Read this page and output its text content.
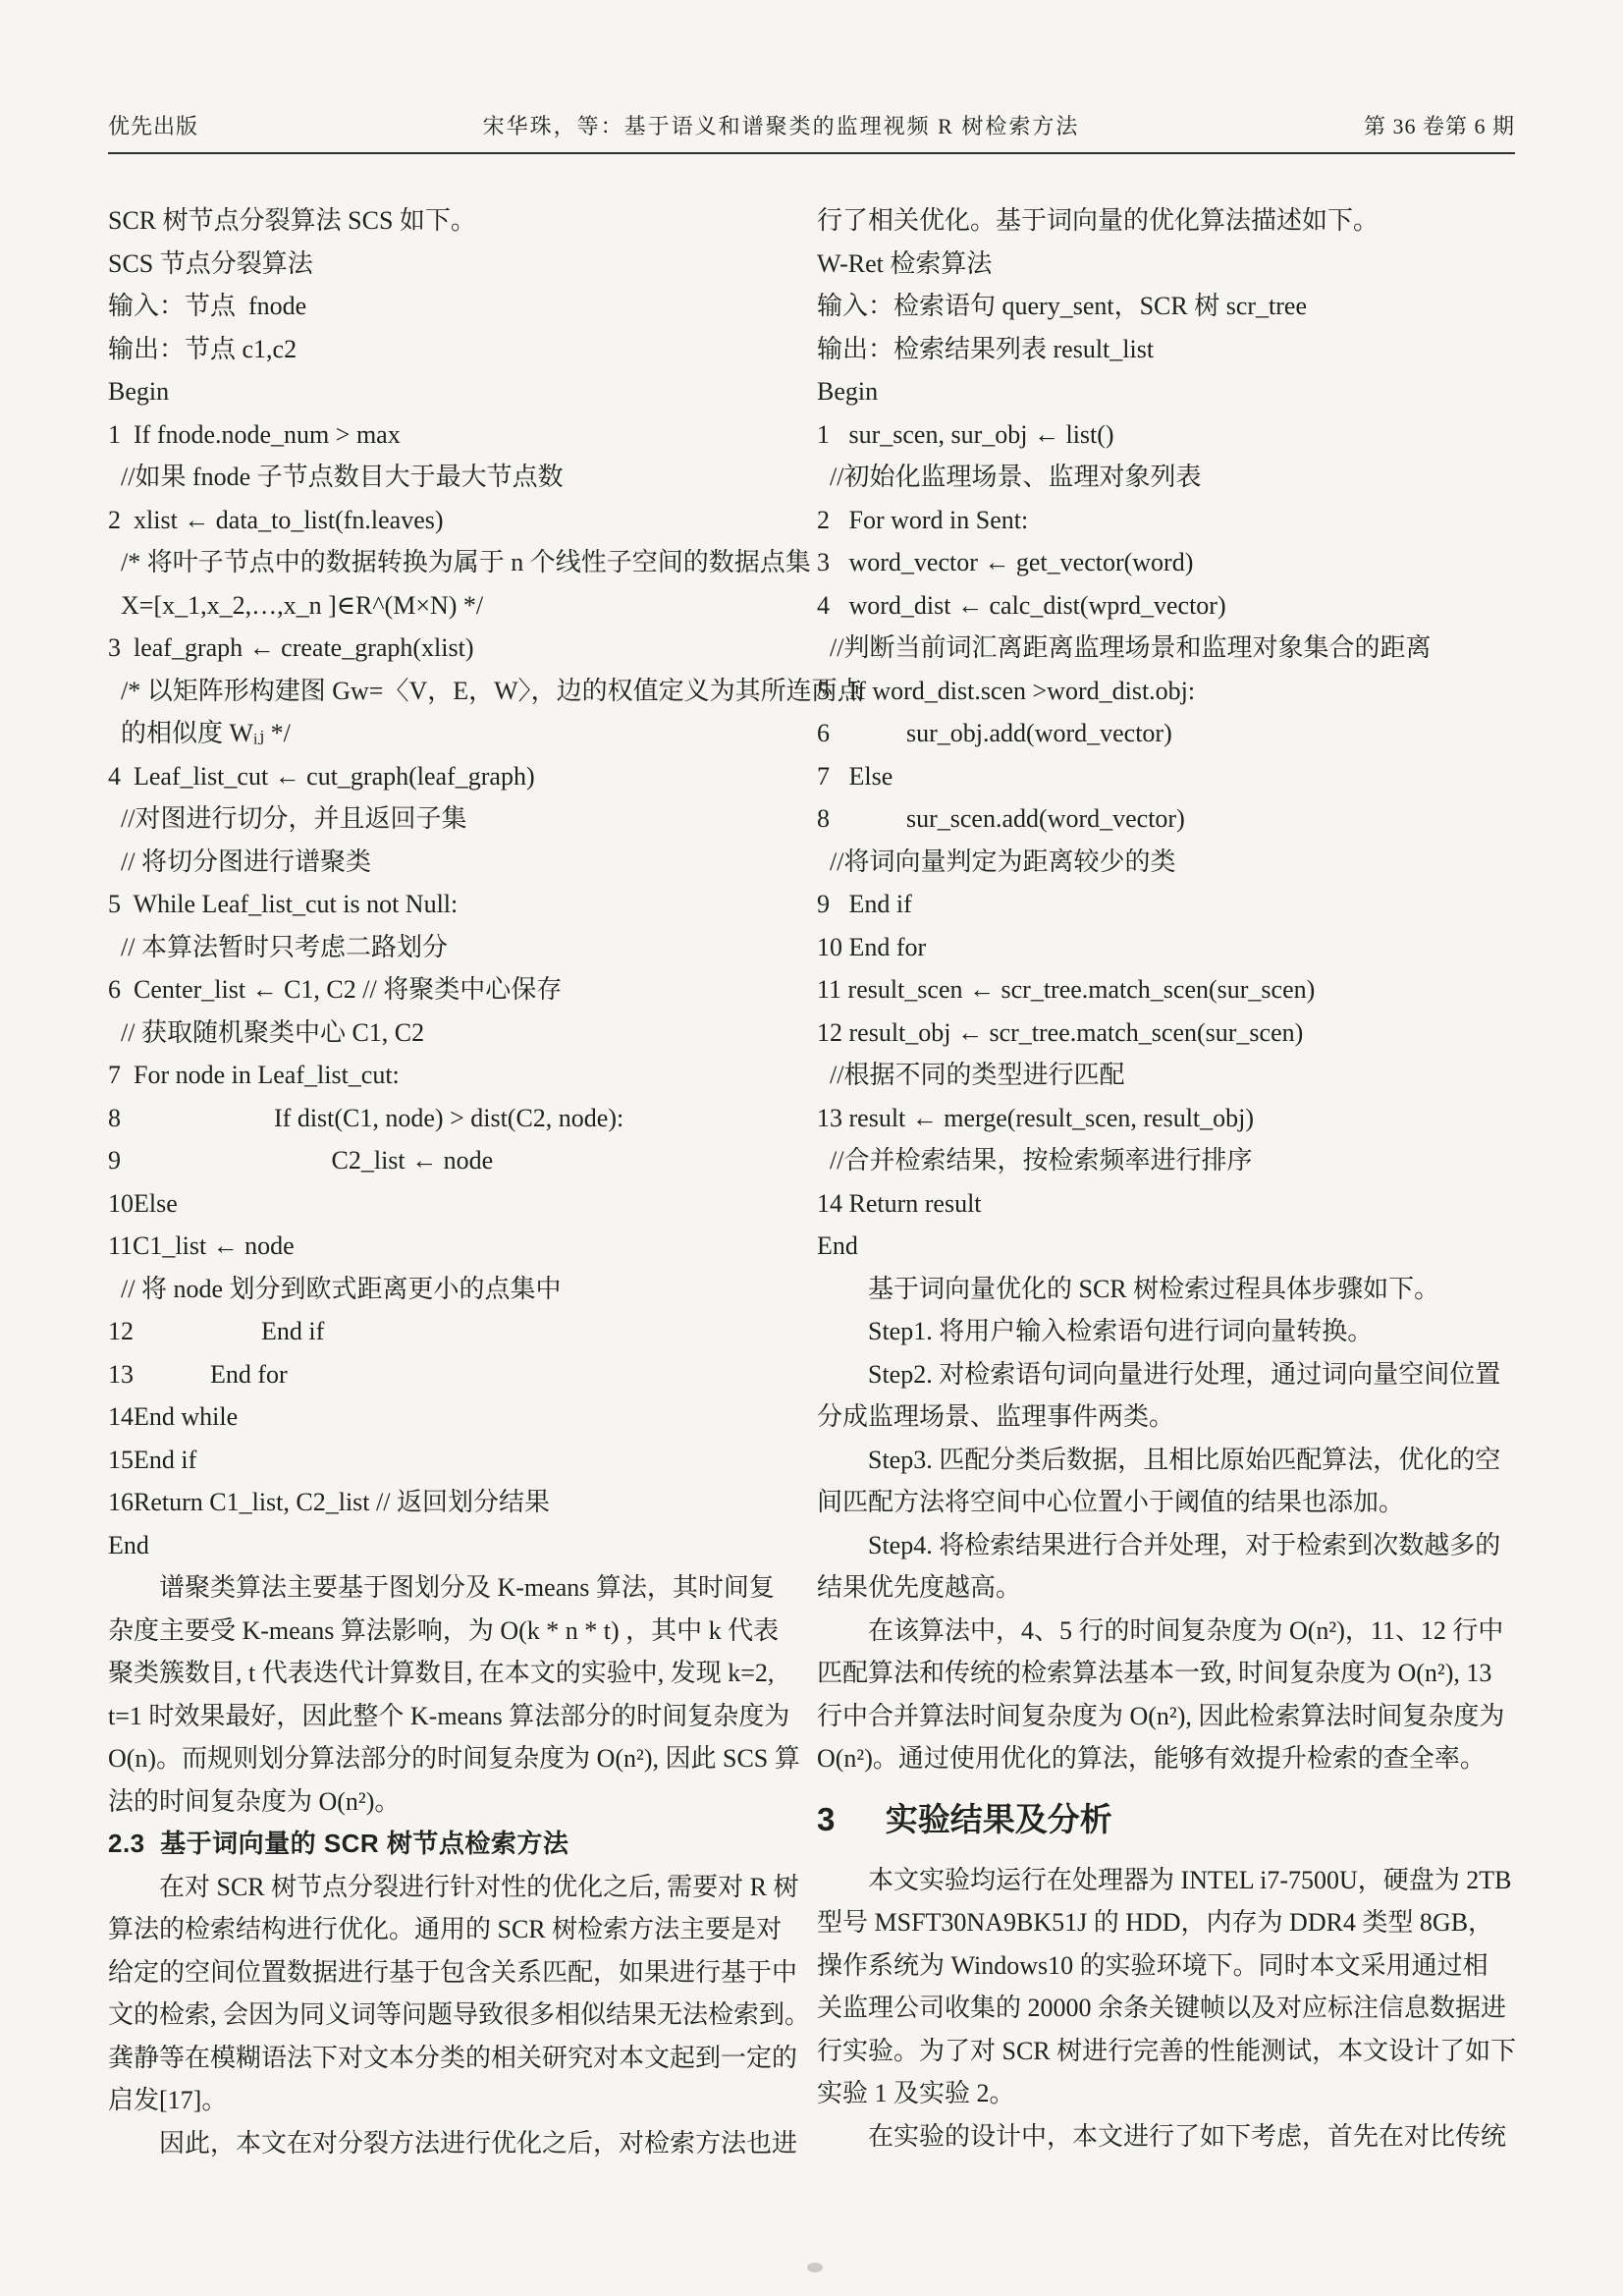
优先出版	宋华珠，等：基于语义和谱聚类的监理视频 R 树检索方法	第 36 卷第 6 期
SCR 树节点分裂算法 SCS 如下。
SCS 节点分裂算法
输入：节点  fnode
输出：节点 c1,c2
Begin
1  If fnode.node_num > max
//如果 fnode 子节点数目大于最大节点数
2  xlist ← data_to_list(fn.leaves)
/* 将叶子节点中的数据转换为属于 n 个线性子空间的数据点集
X=[x_1,x_2,…,x_n ]∈R^(M×N) */
3  leaf_graph ← create_graph(xlist)
/* 以矩阵形构建图 Gw=〈V，E，W〉，边的权值定义为其所连两点
的相似度 Wᵢⱼ */
4  Leaf_list_cut ← cut_graph(leaf_graph)
//对图进行切分，并且返回子集
// 将切分图进行谱聚类
5  While Leaf_list_cut is not Null:
// 本算法暂时只考虑二路划分
6  Center_list ← C1, C2 // 将聚类中心保存
// 获取随机聚类中心 C1, C2
7  For node in Leaf_list_cut:
8　　　　　　If dist(C1, node) > dist(C2, node):
9　　　　　　　　 C2_list ← node
10Else
11C1_list ← node
// 将 node 划分到欧式距离更小的点集中
12　　　　　End if
13　　　End for
14End while
15End if
16Return C1_list, C2_list // 返回划分结果
End
谱聚类算法主要基于图划分及 K-means 算法，其时间复
杂度主要受 K-means 算法影响，为 O(k * n * t) ，其中 k 代表
聚类簇数目, t 代表迭代计算数目, 在本文的实验中, 发现 k=2,
t=1 时效果最好，因此整个 K-means 算法部分的时间复杂度为
O(n)。而规则划分算法部分的时间复杂度为 O(n²), 因此 SCS 算
法的时间复杂度为 O(n²)。
2.3  基于词向量的 SCR 树节点检索方法
在对 SCR 树节点分裂进行针对性的优化之后, 需要对 R 树
算法的检索结构进行优化。通用的 SCR 树检索方法主要是对
给定的空间位置数据进行基于包含关系匹配，如果进行基于中
文的检索, 会因为同义词等问题导致很多相似结果无法检索到。
龚静等在模糊语法下对文本分类的相关研究对本文起到一定的
启发[17]。
因此，本文在对分裂方法进行优化之后，对检索方法也进
行了相关优化。基于词向量的优化算法描述如下。
W-Ret 检索算法
输入：检索语句 query_sent，SCR 树 scr_tree
输出：检索结果列表 result_list
Begin
1   sur_scen, sur_obj ← list()
//初始化监理场景、监理对象列表
2   For word in Sent:
3   word_vector ← get_vector(word)
4   word_dist ← calc_dist(wprd_vector)
//判断当前词汇离距离监理场景和监理对象集合的距离
5   If word_dist.scen >word_dist.obj:
6　　　sur_obj.add(word_vector)
7   Else
8　　　sur_scen.add(word_vector)
//将词向量判定为距离较少的类
9   End if
10 End for
11 result_scen ← scr_tree.match_scen(sur_scen)
12 result_obj ← scr_tree.match_scen(sur_scen)
//根据不同的类型进行匹配
13 result ← merge(result_scen, result_obj)
//合并检索结果，按检索频率进行排序
14 Return result
End
基于词向量优化的 SCR 树检索过程具体步骤如下。
Step1. 将用户输入检索语句进行词向量转换。
Step2. 对检索语句词向量进行处理，通过词向量空间位置
分成监理场景、监理事件两类。
Step3. 匹配分类后数据，且相比原始匹配算法，优化的空
间匹配方法将空间中心位置小于阈值的结果也添加。
Step4. 将检索结果进行合并处理，对于检索到次数越多的
结果优先度越高。
在该算法中，4、5 行的时间复杂度为 O(n²)，11、12 行中
匹配算法和传统的检索算法基本一致, 时间复杂度为 O(n²), 13
行中合并算法时间复杂度为 O(n²), 因此检索算法时间复杂度为
O(n²)。通过使用优化的算法，能够有效提升检索的查全率。
3　  实验结果及分析
本文实验均运行在处理器为 INTEL i7-7500U，硬盘为 2TB
型号 MSFT30NA9BK51J 的 HDD，内存为 DDR4 类型 8GB，
操作系统为 Windows10 的实验环境下。同时本文采用通过相
关监理公司收集的 20000 余条关键帧以及对应标注信息数据进
行实验。为了对 SCR 树进行完善的性能测试，本文设计了如下
实验 1 及实验 2。
在实验的设计中，本文进行了如下考虑，首先在对比传统
